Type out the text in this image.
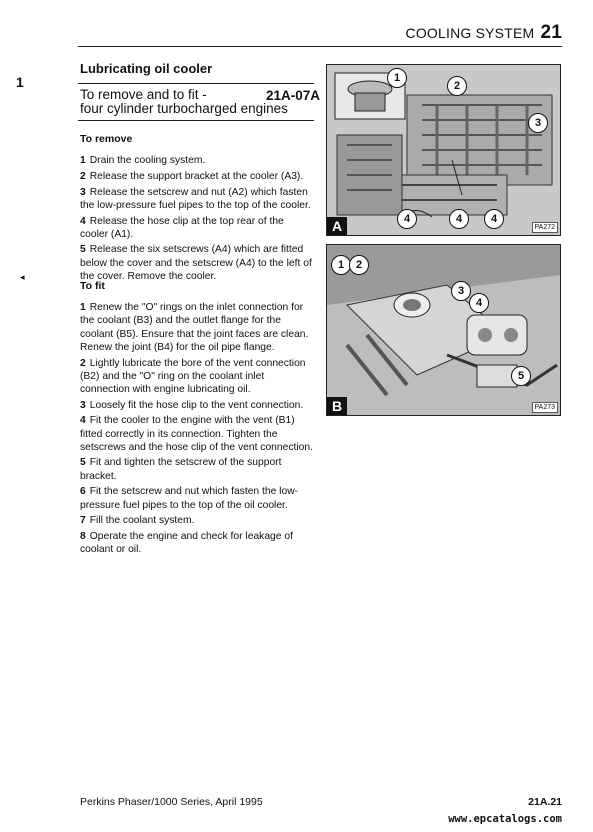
COOLING SYSTEM 21
1
◂
Lubricating oil cooler
To remove and to fit -
four cylinder turbocharged engines
21A-07A

To remove

1 Drain the cooling system.

2 Release the support bracket at the cooler (A3).

3 Release the setscrew and nut (A2) which fasten the low-pressure fuel pipes to the top of the cooler.

4 Release the hose clip at the top rear of the cooler (A1).

5 Release the six setscrews (A4) which are fitted below the cover and the setscrew (A4) to the left of the cover. Remove the cooler.

To fit

1 Renew the "O" rings on the inlet connection for the coolant (B3) and the outlet flange for the coolant (B5). Ensure that the joint faces are clean. Renew the joint (B4) for the oil pipe flange.

2 Lightly lubricate the bore of the vent connection (B2) and the "O" ring on the coolant inlet connection with engine lubricating oil.

3 Loosely fit the hose clip to the vent connection.

4 Fit the cooler to the engine with the vent (B1) fitted correctly in its connection. Tighten the setscrews and the hose clip of the vent connection.

5 Fit and tighten the setscrew of the support bracket.

6 Fit the setscrew and nut which fasten the low-pressure fuel pipes to the top of the oil cooler.

7 Fill the coolant system.

8 Operate the engine and check for leakage of coolant or oil.

1
2
3
4	4	4
A	PA272
1	2
3
4
5
B	PA273
Perkins Phaser/1000 Series, April 1995	21A.21
www.epcatalogs.com
